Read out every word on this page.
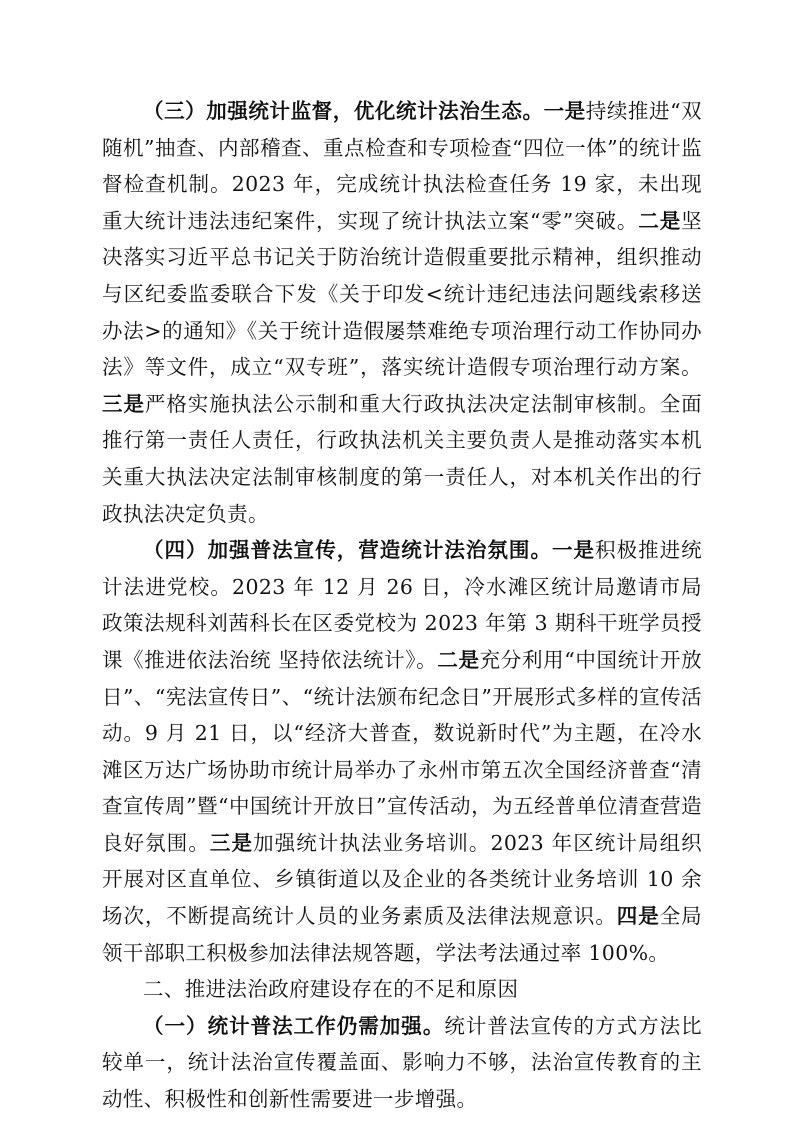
（三）加强统计监督，优化统计法治生态。一是持续推进“双随机”抽查、内部稽查、重点检查和专项检查“四位一体”的统计监督检查机制。2023 年，完成统计执法检查任务 19 家，未出现重大统计违法违纪案件，实现了统计执法立案“零”突破。二是坚决落实习近平总书记关于防治统计造假重要批示精神，组织推动与区纪委监委联合下发《关于印发<统计违纪违法问题线索移送办法>的通知》《关于统计造假屡禁难绝专项治理行动工作协同办法》等文件，成立“双专班”，落实统计造假专项治理行动方案。三是严格实施执法公示制和重大行政执法决定法制审核制。全面推行第一责任人责任，行政执法机关主要负责人是推动落实本机关重大执法决定法制审核制度的第一责任人，对本机关作出的行政执法决定负责。

（四）加强普法宣传，营造统计法治氛围。一是积极推进统计法进党校。2023 年 12 月 26 日，冷水滩区统计局邀请市局政策法规科刘茜科长在区委党校为 2023 年第 3 期科干班学员授课《推进依法治统 坚持依法统计》。二是充分利用“中国统计开放日”、“宪法宣传日”、“统计法颁布纪念日”开展形式多样的宣传活动。9 月 21 日，以“经济大普查，数说新时代”为主题，在冷水滩区万达广场协助市统计局举办了永州市第五次全国经济普查“清查宣传周”暨“中国统计开放日”宣传活动，为五经普单位清查营造良好氛围。三是加强统计执法业务培训。2023 年区统计局组织开展对区直单位、乡镇街道以及企业的各类统计业务培训 10 余场次，不断提高统计人员的业务素质及法律法规意识。四是全局领干部职工积极参加法律法规答题，学法考法通过率 100%。

二、推进法治政府建设存在的不足和原因

（一）统计普法工作仍需加强。统计普法宣传的方式方法比较单一，统计法治宣传覆盖面、影响力不够，法治宣传教育的主动性、积极性和创新性需要进一步增强。
